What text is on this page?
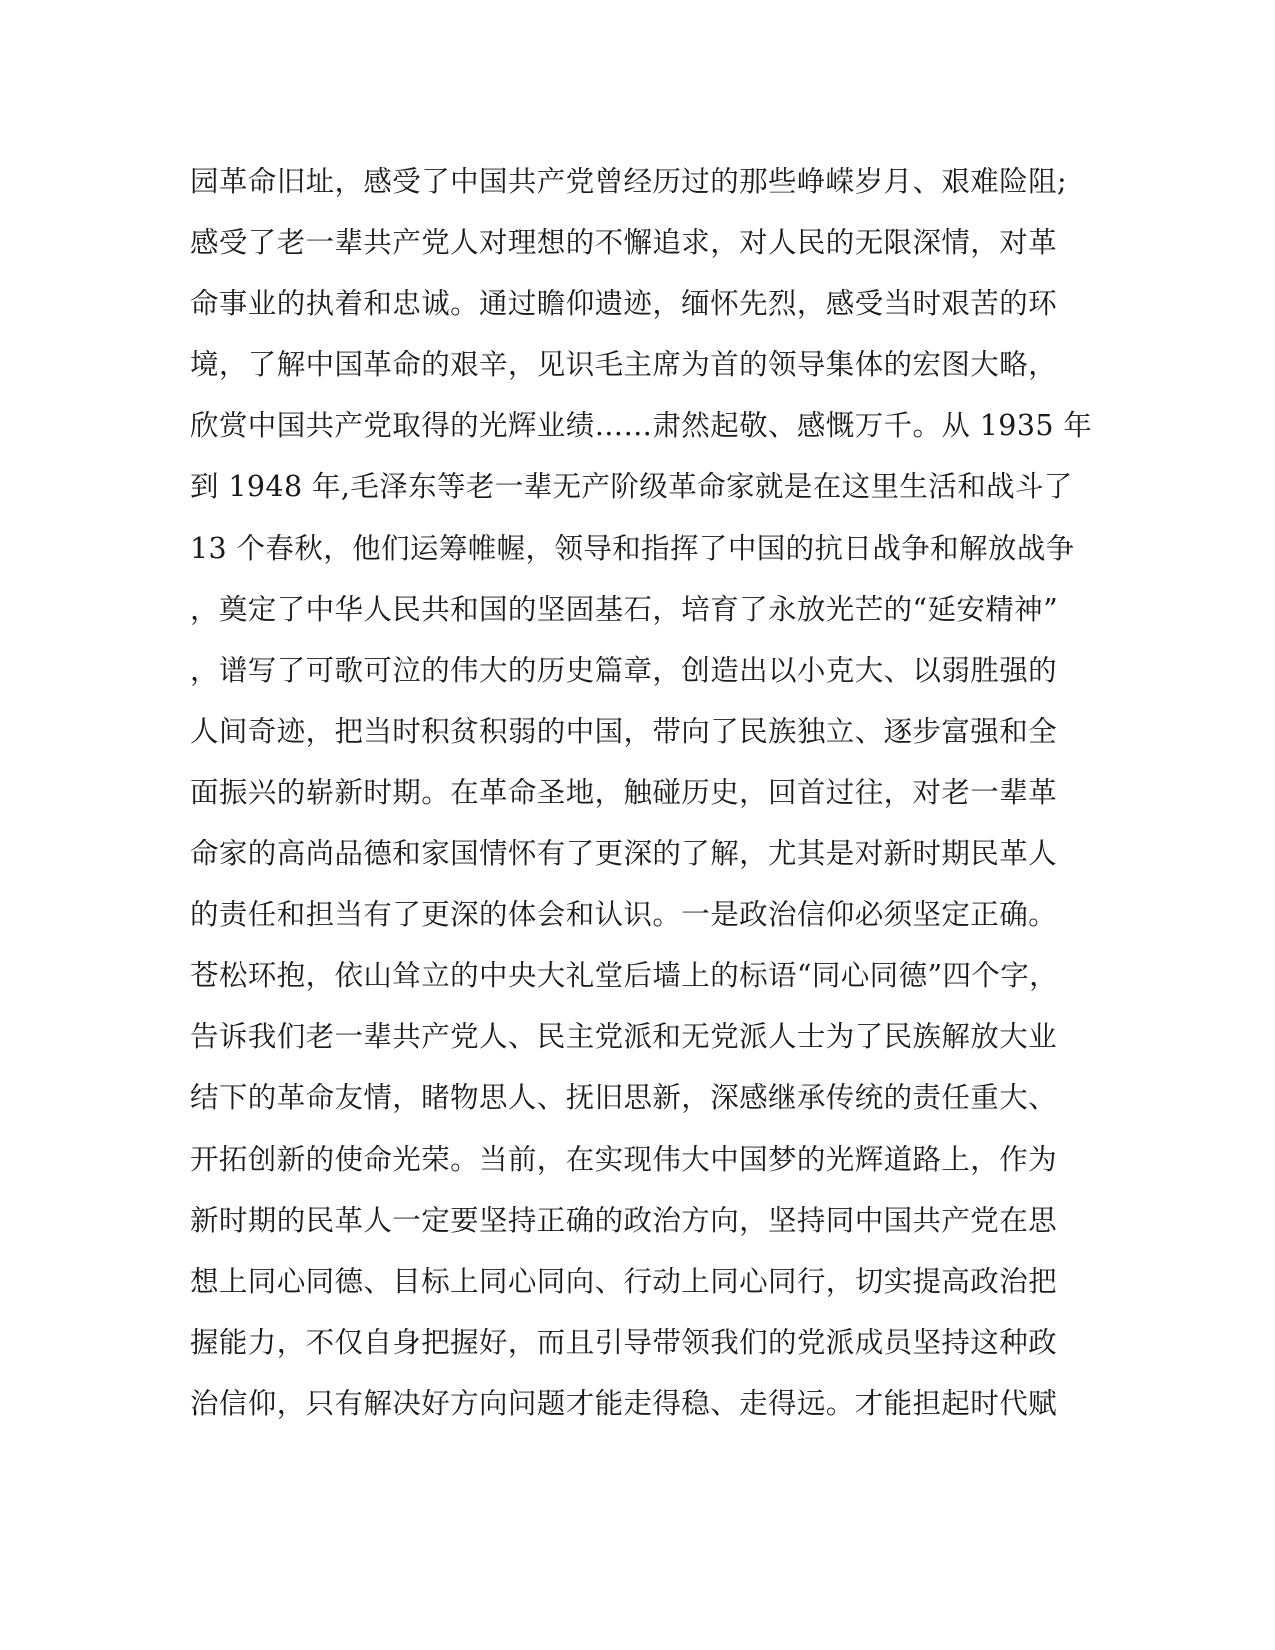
园革命旧址，感受了中国共产党曾经历过的那些峥嵘岁月、艰难险阻;
感受了老一辈共产党人对理想的不懈追求，对人民的无限深情，对革
命事业的执着和忠诚。通过瞻仰遗迹，缅怀先烈，感受当时艰苦的环
境，了解中国革命的艰辛，见识毛主席为首的领导集体的宏图大略，
欣赏中国共产党取得的光辉业绩……肃然起敬、感慨万千。从 1935 年
到 1948 年,毛泽东等老一辈无产阶级革命家就是在这里生活和战斗了
13 个春秋，他们运筹帷幄，领导和指挥了中国的抗日战争和解放战争
，奠定了中华人民共和国的坚固基石，培育了永放光芒的“延安精神”
，谱写了可歌可泣的伟大的历史篇章，创造出以小克大、以弱胜强的
人间奇迹，把当时积贫积弱的中国，带向了民族独立、逐步富强和全
面振兴的崭新时期。在革命圣地，触碰历史，回首过往，对老一辈革
命家的高尚品德和家国情怀有了更深的了解，尤其是对新时期民革人
的责任和担当有了更深的体会和认识。一是政治信仰必须坚定正确。
苍松环抱，依山耸立的中央大礼堂后墙上的标语“同心同德”四个字，
告诉我们老一辈共产党人、民主党派和无党派人士为了民族解放大业
结下的革命友情，睹物思人、抚旧思新，深感继承传统的责任重大、
开拓创新的使命光荣。当前，在实现伟大中国梦的光辉道路上，作为
新时期的民革人一定要坚持正确的政治方向，坚持同中国共产党在思
想上同心同德、目标上同心同向、行动上同心同行，切实提高政治把
握能力，不仅自身把握好，而且引导带领我们的党派成员坚持这种政
治信仰，只有解决好方向问题才能走得稳、走得远。才能担起时代赋
